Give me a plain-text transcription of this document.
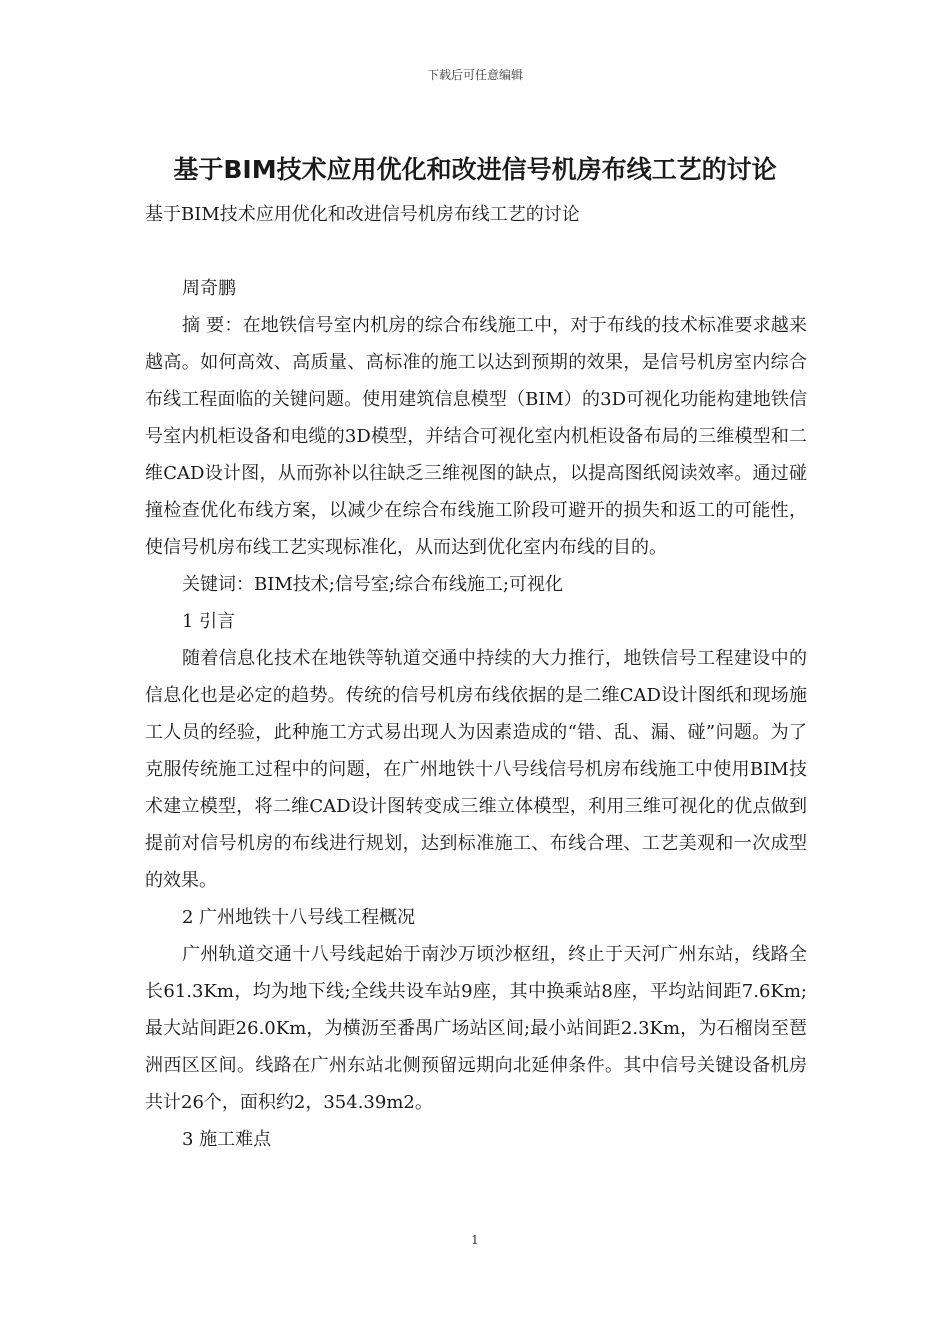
下载后可任意编辑
基于BIM技术应用优化和改进信号机房布线工艺的讨论

基于BIM技术应用优化和改进信号机房布线工艺的讨论

周奇鹏

摘 要：在地铁信号室内机房的综合布线施工中，对于布线的技术标准要求越来越高。如何高效、高质量、高标准的施工以达到预期的效果，是信号机房室内综合布线工程面临的关键问题。使用建筑信息模型（BIM）的3D可视化功能构建地铁信号室内机柜设备和电缆的3D模型，并结合可视化室内机柜设备布局的三维模型和二维CAD设计图，从而弥补以往缺乏三维视图的缺点，以提高图纸阅读效率。通过碰撞检查优化布线方案，以减少在综合布线施工阶段可避开的损失和返工的可能性，使信号机房布线工艺实现标准化，从而达到优化室内布线的目的。

关键词：BIM技术;信号室;综合布线施工;可视化

1 引言

随着信息化技术在地铁等轨道交通中持续的大力推行，地铁信号工程建设中的信息化也是必定的趋势。传统的信号机房布线依据的是二维CAD设计图纸和现场施工人员的经验，此种施工方式易出现人为因素造成的“错、乱、漏、碰”问题。为了克服传统施工过程中的问题，在广州地铁十八号线信号机房布线施工中使用BIM技术建立模型，将二维CAD设计图转变成三维立体模型，利用三维可视化的优点做到提前对信号机房的布线进行规划，达到标准施工、布线合理、工艺美观和一次成型的效果。

2 广州地铁十八号线工程概况

广州轨道交通十八号线起始于南沙万顷沙枢纽，终止于天河广州东站，线路全长61.3Km，均为地下线;全线共设车站9座，其中换乘站8座，平均站间距7.6Km;最大站间距26.0Km，为横沥至番禺广场站区间;最小站间距2.3Km，为石榴岗至琶洲西区区间。线路在广州东站北侧预留远期向北延伸条件。其中信号关键设备机房共计26个，面积约2，354.39m2。

3 施工难点

1
